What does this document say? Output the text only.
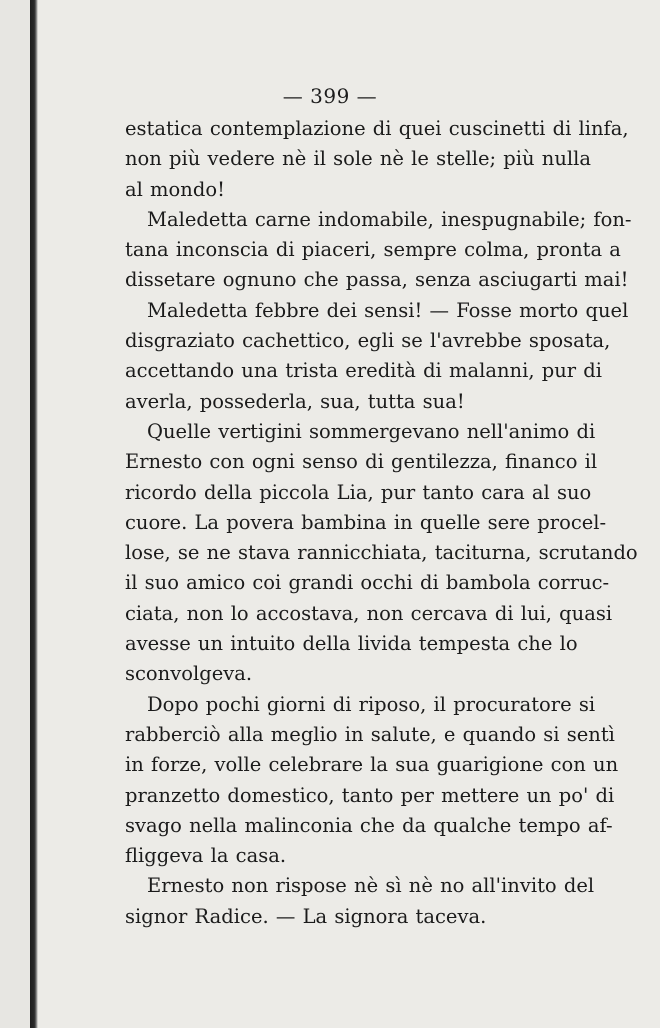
— 399 —
estatica contemplazione di quei cuscinetti di linfa,
non più vedere nè il sole nè le stelle; più nulla
al mondo!
Maledetta carne indomabile, inespugnabile; fon-
tana inconscia di piaceri, sempre colma, pronta a
dissetare ognuno che passa, senza asciugarti mai!
Maledetta febbre dei sensi! — Fosse morto quel
disgraziato cachettico, egli se l'avrebbe sposata,
accettando una trista eredità di malanni, pur di
averla, possederla, sua, tutta sua!
Quelle vertigini sommergevano nell'animo di
Ernesto con ogni senso di gentilezza, financo il
ricordo della piccola Lia, pur tanto cara al suo
cuore. La povera bambina in quelle sere procel-
lose, se ne stava rannicchiata, taciturna, scrutando
il suo amico coi grandi occhi di bambola corruc-
ciata, non lo accostava, non cercava di lui, quasi
avesse un intuito della livida tempesta che lo
sconvolgeva.
Dopo pochi giorni di riposo, il procuratore si
rabberciò alla meglio in salute, e quando si sentì
in forze, volle celebrare la sua guarigione con un
pranzetto domestico, tanto per mettere un po' di
svago nella malinconia che da qualche tempo af-
fliggeva la casa.
Ernesto non rispose nè sì nè no all'invito del
signor Radice. — La signora taceva.
